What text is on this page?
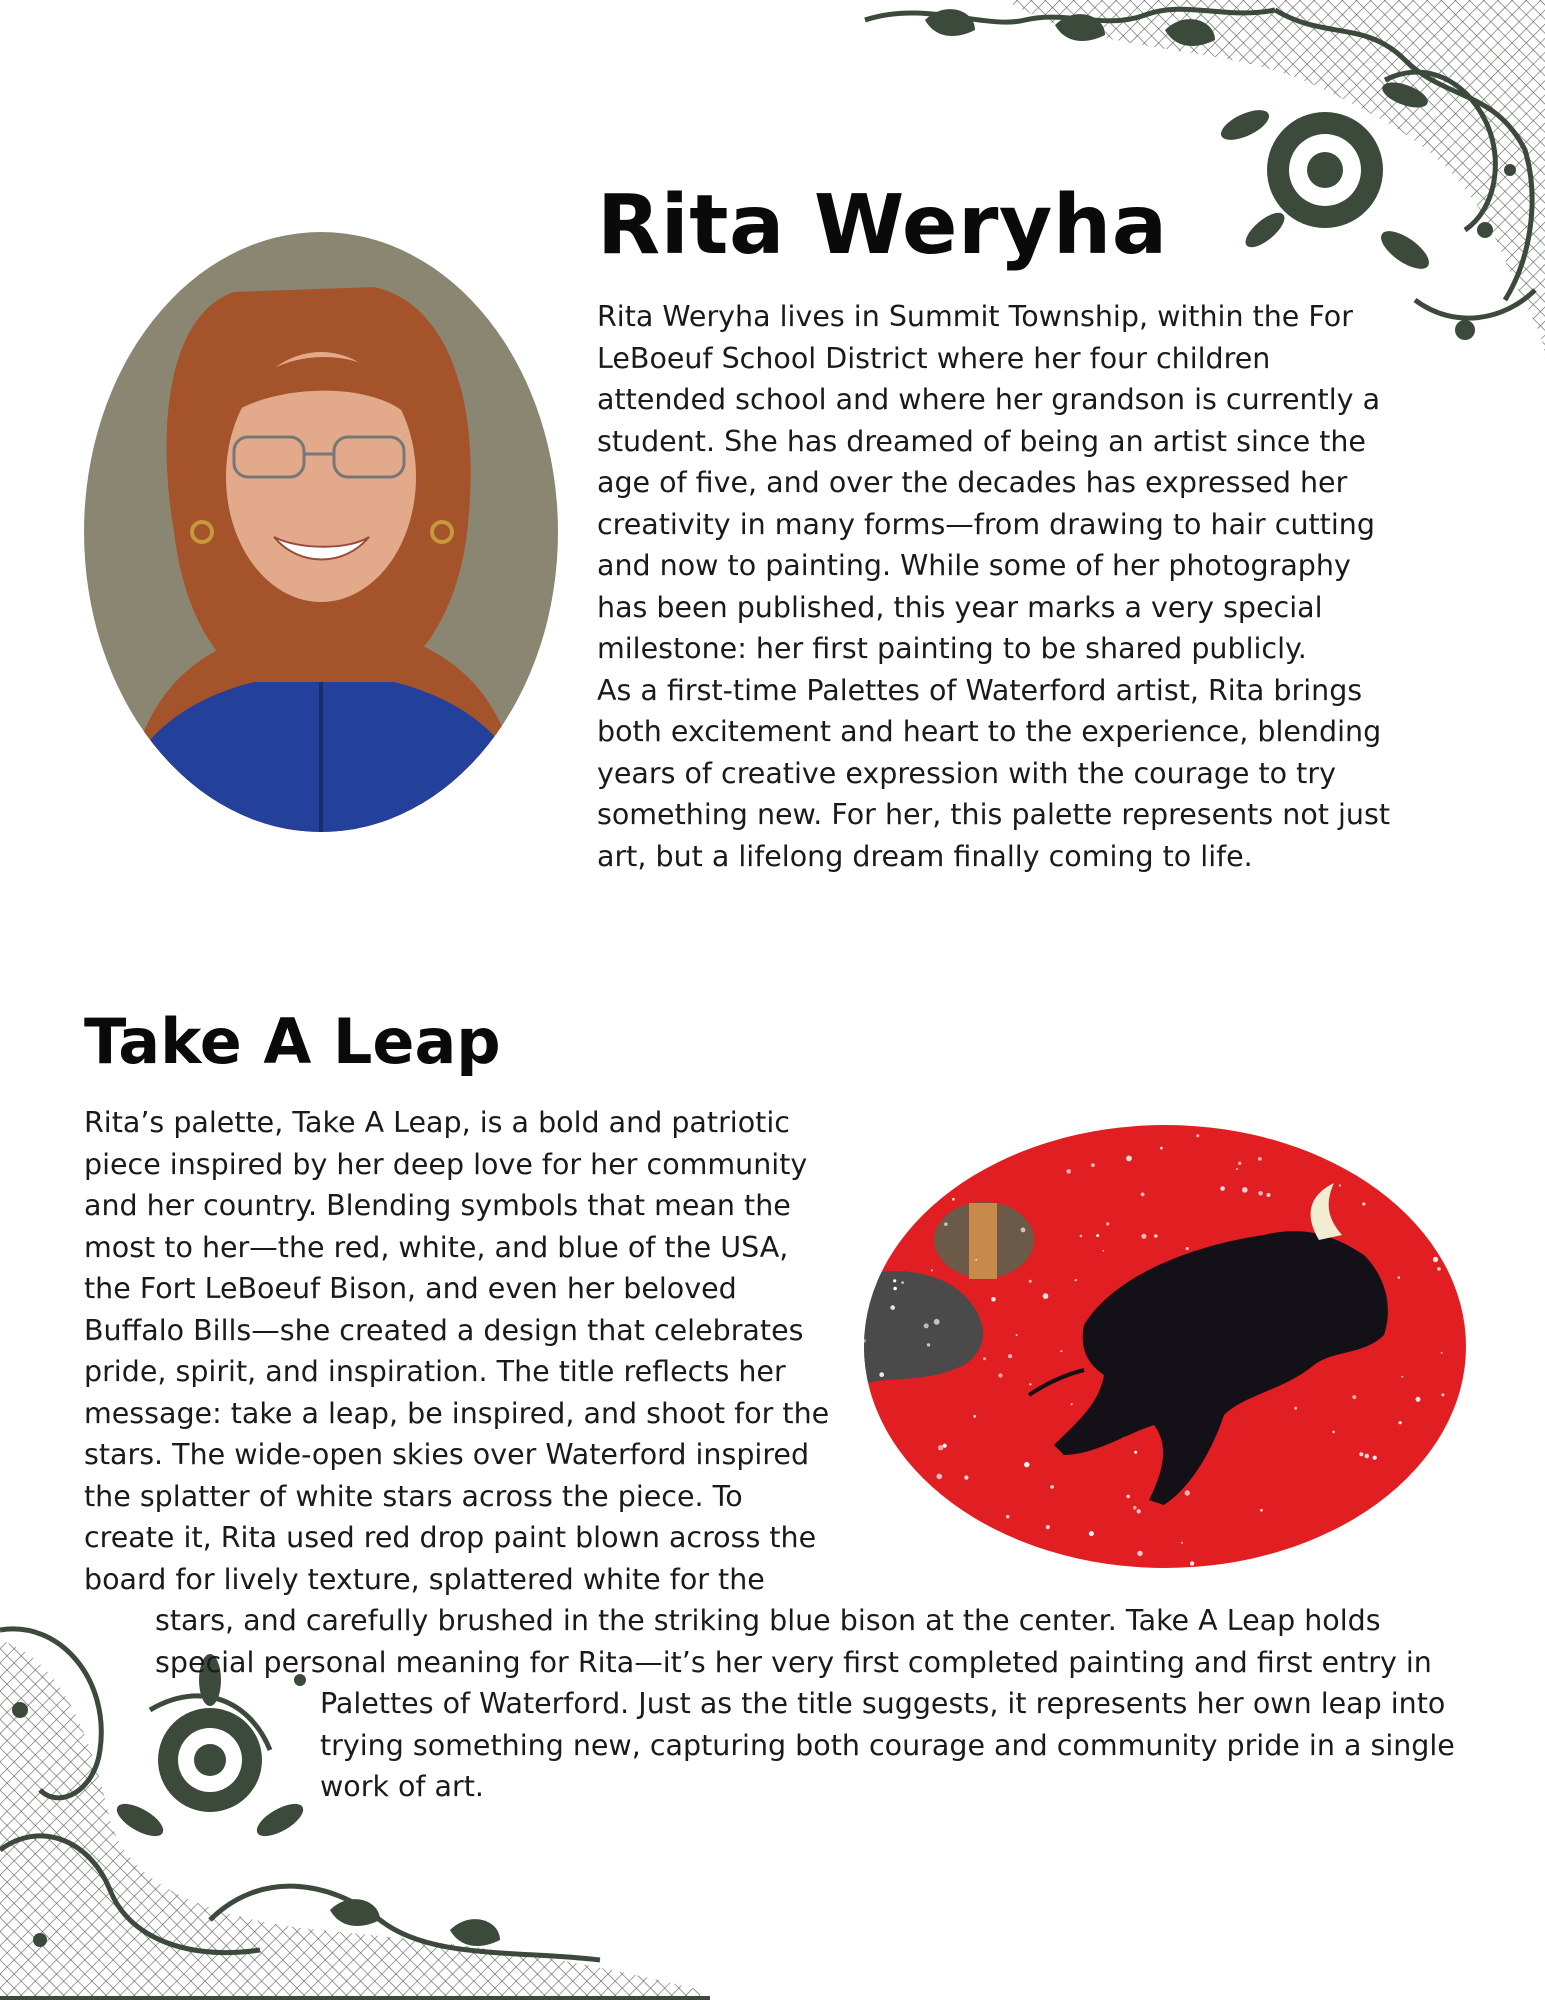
Rita Weryha

Rita Weryha lives in Summit Township, within the For

LeBoeuf School District where her four children

attended school and where her grandson is currently a

student. She has dreamed of being an artist since the

age of five, and over the decades has expressed her

creativity in many forms—from drawing to hair cutting

and now to painting. While some of her photography

has been published, this year marks a very special

milestone: her first painting to be shared publicly.

As a first-time Palettes of Waterford artist, Rita brings

both excitement and heart to the experience, blending

years of creative expression with the courage to try

something new. For her, this palette represents not just

art, but a lifelong dream finally coming to life.

Take A Leap
Rita’s palette, Take A Leap, is a bold and patriotic
piece inspired by her deep love for her community
and her country. Blending symbols that mean the
most to her—the red, white, and blue of the USA,
the Fort LeBoeuf Bison, and even her beloved
Buffalo Bills—she created a design that celebrates
pride, spirit, and inspiration. The title reflects her
message: take a leap, be inspired, and shoot for the
stars. The wide-open skies over Waterford inspired
the splatter of white stars across the piece. To
create it, Rita used red drop paint blown across the
board for lively texture, splattered white for the
stars, and carefully brushed in the striking blue bison at the center. Take A Leap holds
special personal meaning for Rita—it’s her very first completed painting and first entry in
Palettes of Waterford. Just as the title suggests, it represents her own leap into
trying something new, capturing both courage and community pride in a single
work of art.
